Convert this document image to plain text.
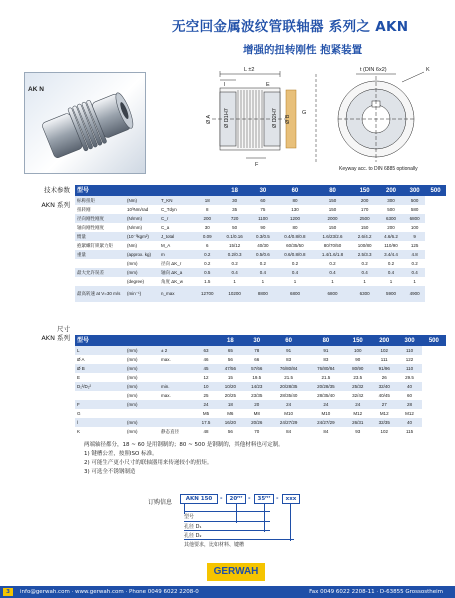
无空回金属波纹管联轴器 系列之 AKN
增强的扭转刚性 抱紧装置
AK N
L ±2
l
Ø A Ø D1H7	Ø D2H7 Ø B
E
F
G
t (DIN 6x2)	K
Keyway acc. to DIN 6885 optionally
技术参数
AKN 系列
型号				18	30	60	80	150	200	300	500
标称扭矩	(Nm)	T_KN	18	30	60	80	150	200	300	500	
扭转刚	10³Nm/rad	C_Tdyn	8	35	75	130	150	170	500	580	
径向刚性刚度	(N/mm)	C_r	200	720	1100	1200	2000	2500	6300	6800	
轴向刚性刚度	(N/mm)	C_a	30	50	90	80	150	150	200	100	
惯量	(10⁻³kgm²)	J_total	0.09	0.1/0.16	0.3/0.5	0.4/0.8/0.8	1.6/23/2.6	2.6/4.2	4.6/6.2	9	
抱紧螺钉锁紧力矩	(Nm)	M_A	6	15/12	40/30	60/35/50	80/70/50	100/80	110/90	125	
重量	(approx. kg)	m	0.2	0.2/0.3	0.5/0.6	0.6/0.8/0.8	1.4/1.6/1.8	2.5/3.3	3.4/4.4	4.8	
	(mm)	径向 ΔK_r	0.2	0.2	0.2	0.2	0.2	0.2	0.2	0.2	
最大允许误差	(mm)	轴向 ΔK_a	0.5	0.4	0.4	0.4	0.4	0.4	0.4	0.4	
	(degree)	角度 ΔK_w	1.5	1	1	1	1	1	1	1	
最高转速 at V=30 m/s	(min⁻¹)	n_max	12700	10200	8800	6800	6800	6300	5900	4900	
尺寸
AKN 系列 型号				18	30	60	80	150	200	300	500
L	(mm)	± 2	63	65	78	91	91	100	102	110	
Ø A	(mm)	max.	46	56	66	83	83	90	111	122	
Ø B	(mm)		45	47/56	57/66	76/80/84	76/80/84	80/90	91/96	110	
E	(mm)		12	15	19.5	21.5	21.5	23.5	26	29.5	
D₁²/D₂²	(mm)	min.	10	10/20	14/23	20/28/35	20/28/35	25/32	32/40	40	
	(mm)	max.	25	20/25	23/35	28/35/40	28/35/40	32/42	40/45	60	
F	(mm)		24	18	20	24	24	24	27	28	
G			M5	M6	M8	M10	M10	M12	M12	M12	
l	(mm)		17.5	16/20	20/26	24/27/29	24/27/29	26/31	32/35	40	
K	(mm)	静态直径	48	56	70	84	84	93	102	115	
两端轴径都分，18 ~ 60 是用钢制的；80 ~ 500 是钢制的，其他材料也可定制。
1) 键槽公差，按照ISO 标准。
2) 可能生产更小尺寸的联轴器用来传递较小的扭矩。
3) 可选全不锈钢制造
订购信息	AKN 150	-	20ᴴ⁷ -	35ᴴ⁷ -	xxx
型号
孔径 D₁
孔径 D₂
其他要求，比如材料、键槽
GERWAH
info@gerwah.com · www.gerwah.com · Phone 0049 6022 2208-0	Fax 0049 6022 2208-11 · D-63855 Grossostheim
3
